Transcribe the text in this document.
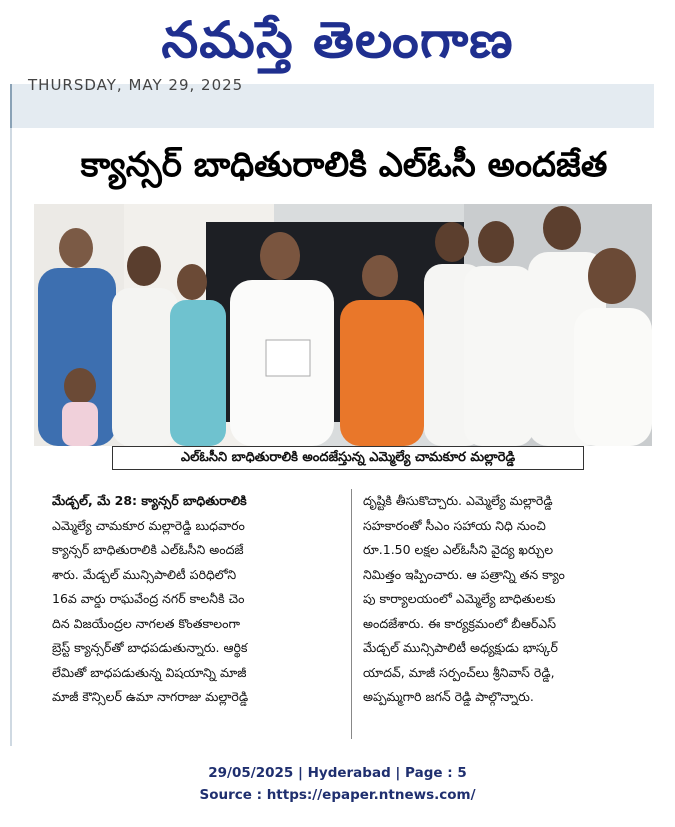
నమస్తే తెలంగాణ
THURSDAY, MAY 29, 2025
క్యాన్సర్ బాధితురాలికి ఎల్ఓసీ అందజేత
ఎల్ఓసీని బాధితురాలికి అందజేస్తున్న ఎమ్మెల్యే చామకూర మల్లారెడ్డి
మేడ్చల్, మే 28: క్యాన్సర్ బాధితురాలికి
ఎమ్మెల్యే చామకూర మల్లారెడ్డి బుధవారం
క్యాన్సర్ బాధితురాలికి ఎల్ఓసీని అందజే
శారు. మేడ్చల్ మున్సిపాలిటీ పరిధిలోని
16వ వార్డు రాఘవేంద్ర నగర్ కాలనీకి చెం
దిన విజయేంద్రల నాగలత కొంతకాలంగా
బ్రెస్ట్ క్యాన్సర్‌తో బాధపడుతున్నారు. ఆర్థిక
లేమితో బాధపడుతున్న విషయాన్ని మాజీ
మాజీ కౌన్సిలర్ ఉమా నాగరాజు మల్లారెడ్డి
దృష్టికి తీసుకొచ్చారు. ఎమ్మెల్యే మల్లారెడ్డి
సహకారంతో సీఎం సహాయ నిధి నుంచి
రూ.1.50 లక్షల ఎల్ఓసీని వైద్య ఖర్చుల
నిమిత్తం ఇప్పించారు. ఆ పత్రాన్ని తన క్యాం
పు కార్యాలయంలో ఎమ్మెల్యే బాధితులకు
అందజేశారు. ఈ కార్యక్రమంలో బీఆర్ఎస్
మేడ్చల్ మున్సిపాలిటీ అధ్యక్షుడు భాస్కర్
యాదవ్, మాజీ సర్పంచ్‌లు శ్రీనివాస్ రెడ్డి,
అప్పమ్మగారి జగన్ రెడ్డి పాల్గొన్నారు.
29/05/2025 | Hyderabad | Page : 5
Source : https://epaper.ntnews.com/
